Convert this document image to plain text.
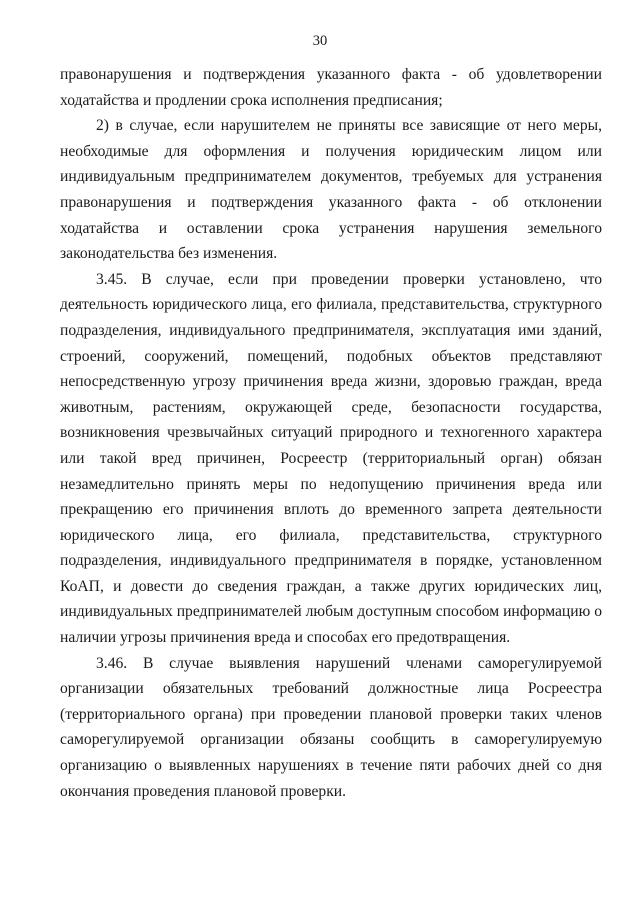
30

правонарушения и подтверждения указанного факта - об удовлетворении ходатайства и продлении срока исполнения предписания;

2) в случае, если нарушителем не приняты все зависящие от него меры, необходимые для оформления и получения юридическим лицом или индивидуальным предпринимателем документов, требуемых для устранения правонарушения и подтверждения указанного факта - об отклонении ходатайства и оставлении срока устранения нарушения земельного законодательства без изменения.

3.45. В случае, если при проведении проверки установлено, что деятельность юридического лица, его филиала, представительства, структурного подразделения, индивидуального предпринимателя, эксплуатация ими зданий, строений, сооружений, помещений, подобных объектов представляют непосредственную угрозу причинения вреда жизни, здоровью граждан, вреда животным, растениям, окружающей среде, безопасности государства, возникновения чрезвычайных ситуаций природного и техногенного характера или такой вред причинен, Росреестр (территориальный орган) обязан незамедлительно принять меры по недопущению причинения вреда или прекращению его причинения вплоть до временного запрета деятельности юридического лица, его филиала, представительства, структурного подразделения, индивидуального предпринимателя в порядке, установленном КоАП, и довести до сведения граждан, а также других юридических лиц, индивидуальных предпринимателей любым доступным способом информацию о наличии угрозы причинения вреда и способах его предотвращения.

3.46. В случае выявления нарушений членами саморегулируемой организации обязательных требований должностные лица Росреестра (территориального органа) при проведении плановой проверки таких членов саморегулируемой организации обязаны сообщить в саморегулируемую организацию о выявленных нарушениях в течение пяти рабочих дней со дня окончания проведения плановой проверки.
